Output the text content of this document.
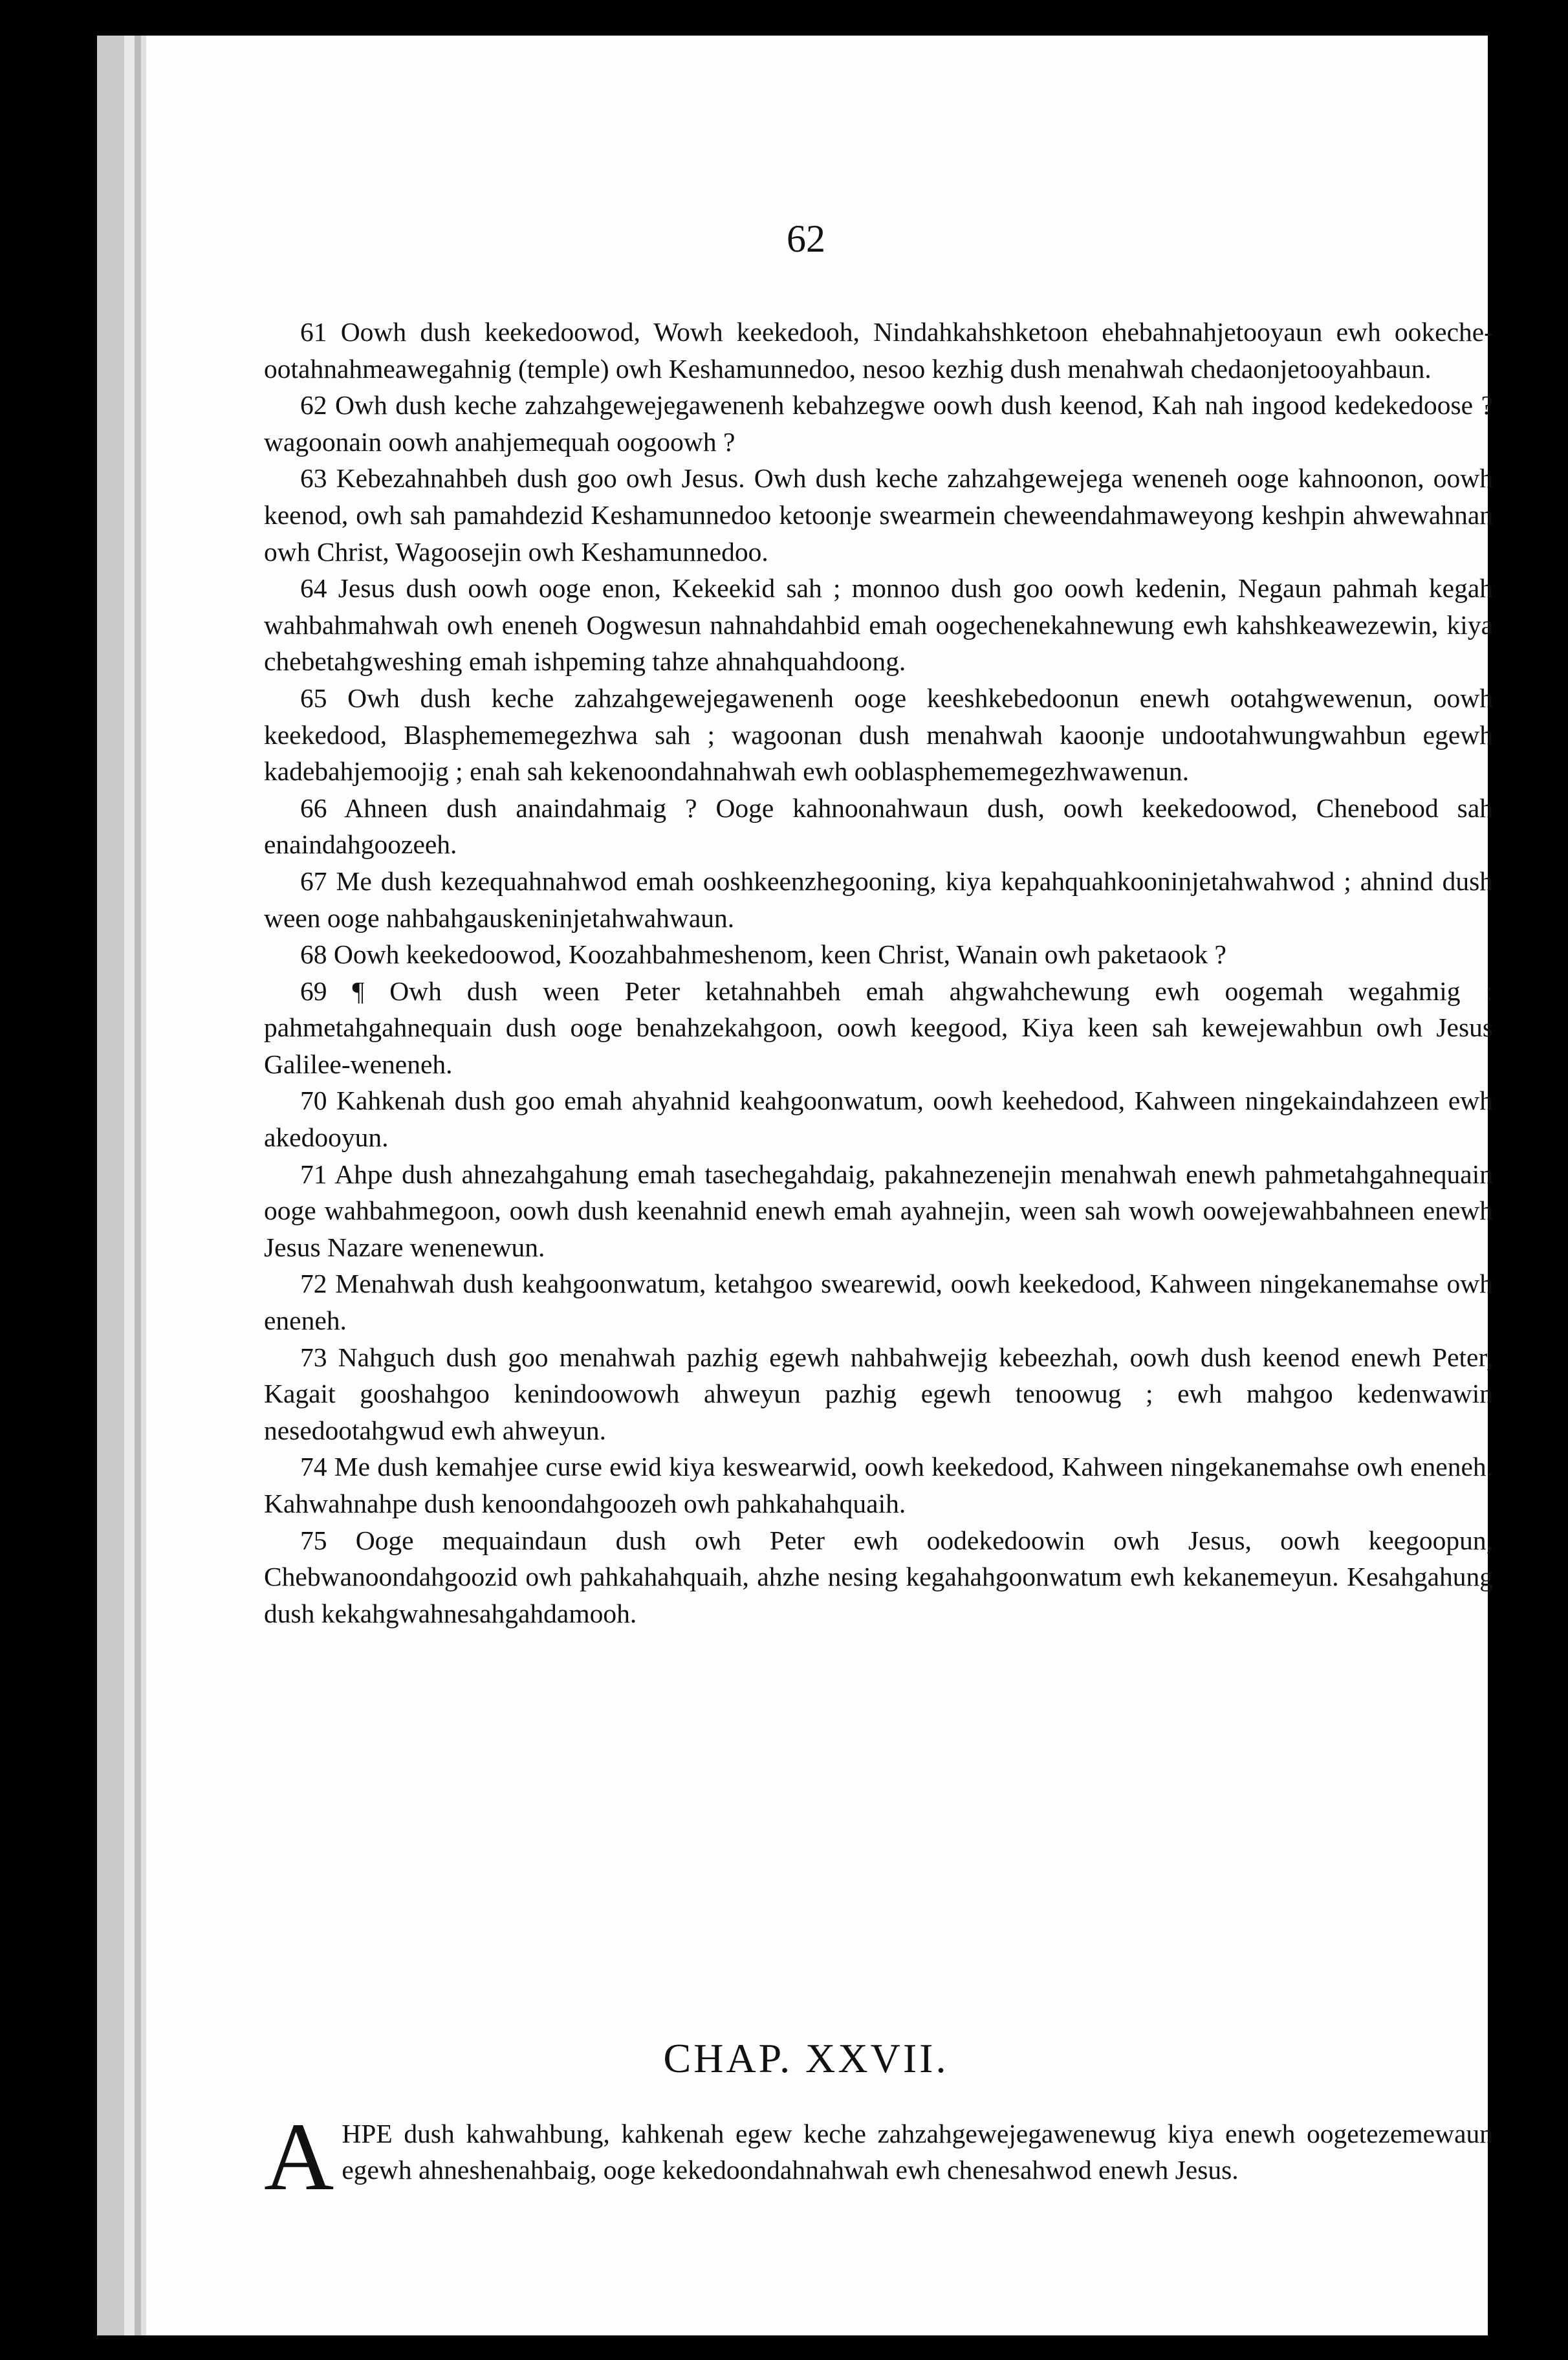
62

61 Oowh dush keekedoowod, Wowh keekedooh, Nindahkahshketoon ehebahnahjetooyaun ewh ookeche-ootahnahmeawegahnig (temple) owh Keshamunnedoo, nesoo kezhig dush menahwah chedaonjetooyahbaun.

62 Owh dush keche zahzahgewejegawenenh kebahzegwe oowh dush keenod, Kah nah ingood kedekedoose ? wagoonain oowh anahjemequah oogoowh ?

63 Kebezahnahbeh dush goo owh Jesus. Owh dush keche zahzahgewejega weneneh ooge kahnoonon, oowh keenod, owh sah pamahdezid Keshamunnedoo ketoonje swearmein cheweendahmaweyong keshpin ahwewahnan owh Christ, Wagoosejin owh Keshamunnedoo.

64 Jesus dush oowh ooge enon, Kekeekid sah ; monnoo dush goo oowh kedenin, Negaun pahmah kegah wahbahmahwah owh eneneh Oogwesun nahnahdahbid emah oogechenekahnewung ewh kahshkeawezewin, kiya chebetahgweshing emah ishpeming tahze ahnahquahdoong.

65 Owh dush keche zahzahgewejegawenenh ooge keeshkebedoonun enewh ootahgwewenun, oowh keekedood, Blasphememegezhwa sah ; wagoonan dush menahwah kaoonje undootahwungwahbun egewh kadebahjemoojig ; enah sah kekenoondahnahwah ewh ooblasphememegezhwawenun.

66 Ahneen dush anaindahmaig ? Ooge kahnoonahwaun dush, oowh keekedoowod, Chenebood sah enaindahgoozeeh.

67 Me dush kezequahnahwod emah ooshkeenzhegooning, kiya kepahquahkooninjetahwahwod ; ahnind dush ween ooge nahbahgauskeninjetahwahwaun.

68 Oowh keekedoowod, Koozahbahmeshenom, keen Christ, Wanain owh paketaook ?

69 ¶ Owh dush ween Peter ketahnahbeh emah ahgwahchewung ewh oogemah wegahmig : pahmetahgahnequain dush ooge benahzekahgoon, oowh keegood, Kiya keen sah kewejewahbun owh Jesus Galilee-weneneh.

70 Kahkenah dush goo emah ahyahnid keahgoonwatum, oowh keehedood, Kahween ningekaindahzeen ewh akedooyun.

71 Ahpe dush ahnezahgahung emah tasechegahdaig, pakahnezenejin menahwah enewh pahmetahgahnequain ooge wahbahmegoon, oowh dush keenahnid enewh emah ayahnejin, ween sah wowh oowejewahbahneen enewh Jesus Nazare wenenewun.

72 Menahwah dush keahgoonwatum, ketahgoo swearewid, oowh keekedood, Kahween ningekanemahse owh eneneh.

73 Nahguch dush goo menahwah pazhig egewh nahbahwejig kebeezhah, oowh dush keenod enewh Peter, Kagait gooshahgoo kenindoowowh ahweyun pazhig egewh tenoowug ; ewh mahgoo kedenwawin nesedootahgwud ewh ahweyun.

74 Me dush kemahjee curse ewid kiya keswearwid, oowh keekedood, Kahween ningekanemahse owh eneneh. Kahwahnahpe dush kenoondahgoozeh owh pahkahahquaih.

75 Ooge mequaindaun dush owh Peter ewh oodekedoowin owh Jesus, oowh keegoopun, Chebwanoondahgoozid owh pahkahahquaih, ahzhe nesing kegahahgoonwatum ewh kekanemeyun. Kesahgahung dush kekahgwahnesahgahdamooh.

CHAP. XXVII.
A HPE dush kahwahbung, kahkenah egew keche zahzahgewejegawenewug kiya enewh oogetezemewaun egewh ahneshenahbaig, ooge kekedoondahnahwah ewh chenesahwod enewh Jesus.
